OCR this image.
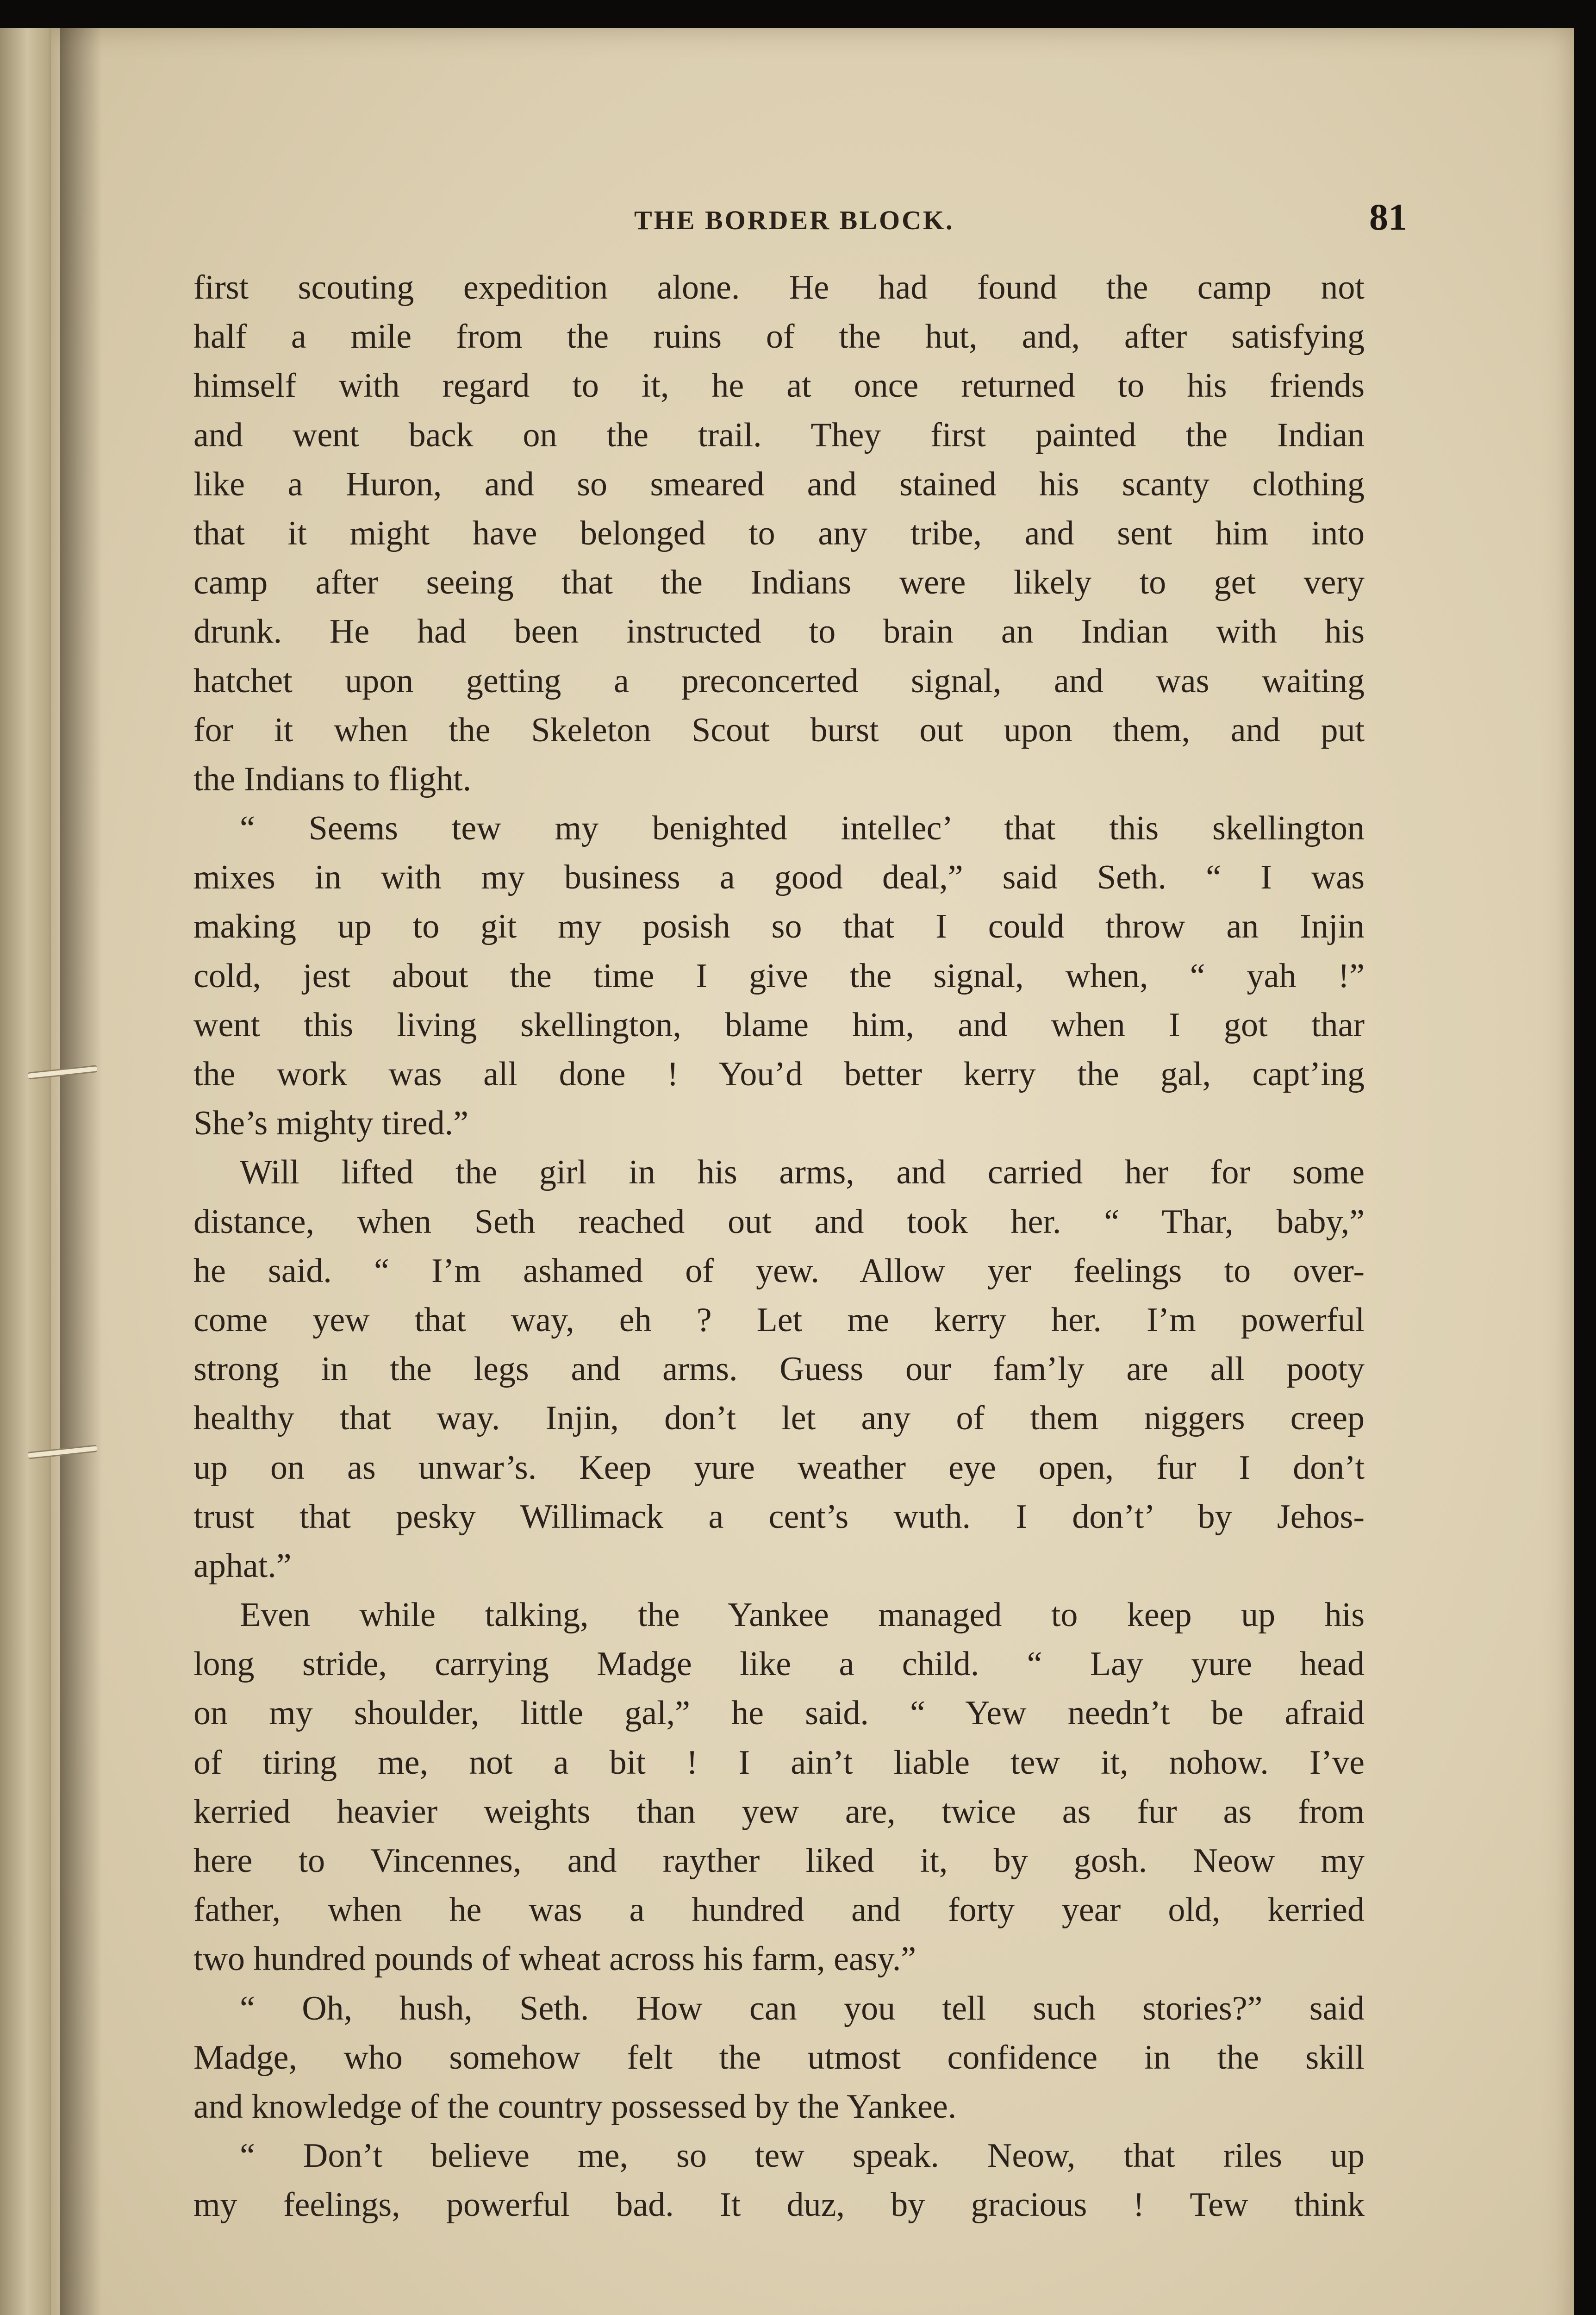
THE BORDER BLOCK.	81
first scouting expedition alone. He had found the camp not
half a mile from the ruins of the hut, and, after satisfying
himself with regard to it, he at once returned to his friends
and went back on the trail. They first painted the Indian
like a Huron, and so smeared and stained his scanty clothing
that it might have belonged to any tribe, and sent him into
camp after seeing that the Indians were likely to get very
drunk. He had been instructed to brain an Indian with his
hatchet upon getting a preconcerted signal, and was waiting
for it when the Skeleton Scout burst out upon them, and put
the Indians to flight.
“ Seems tew my benighted intellec’ that this skellington
mixes in with my business a good deal,” said Seth. “ I was
making up to git my posish so that I could throw an Injin
cold, jest about the time I give the signal, when, “ yah !”
went this living skellington, blame him, and when I got thar
the work was all done ! You’d better kerry the gal, capt’ing
She’s mighty tired.”
Will lifted the girl in his arms, and carried her for some
distance, when Seth reached out and took her. “ Thar, baby,”
he said. “ I’m ashamed of yew. Allow yer feelings to over-
come yew that way, eh ? Let me kerry her. I’m powerful
strong in the legs and arms. Guess our fam’ly are all pooty
healthy that way. Injin, don’t let any of them niggers creep
up on as unwar’s. Keep yure weather eye open, fur I don’t
trust that pesky Willimack a cent’s wuth. I don’t’ by Jehos-
aphat.”
Even while talking, the Yankee managed to keep up his
long stride, carrying Madge like a child. “ Lay yure head
on my shoulder, little gal,” he said. “ Yew needn’t be afraid
of tiring me, not a bit ! I ain’t liable tew it, nohow. I’ve
kerried heavier weights than yew are, twice as fur as from
here to Vincennes, and rayther liked it, by gosh. Neow my
father, when he was a hundred and forty year old, kerried
two hundred pounds of wheat across his farm, easy.”
“ Oh, hush, Seth. How can you tell such stories?” said
Madge, who somehow felt the utmost confidence in the skill
and knowledge of the country possessed by the Yankee.
“ Don’t believe me, so tew speak. Neow, that riles up
my feelings, powerful bad. It duz, by gracious ! Tew think
